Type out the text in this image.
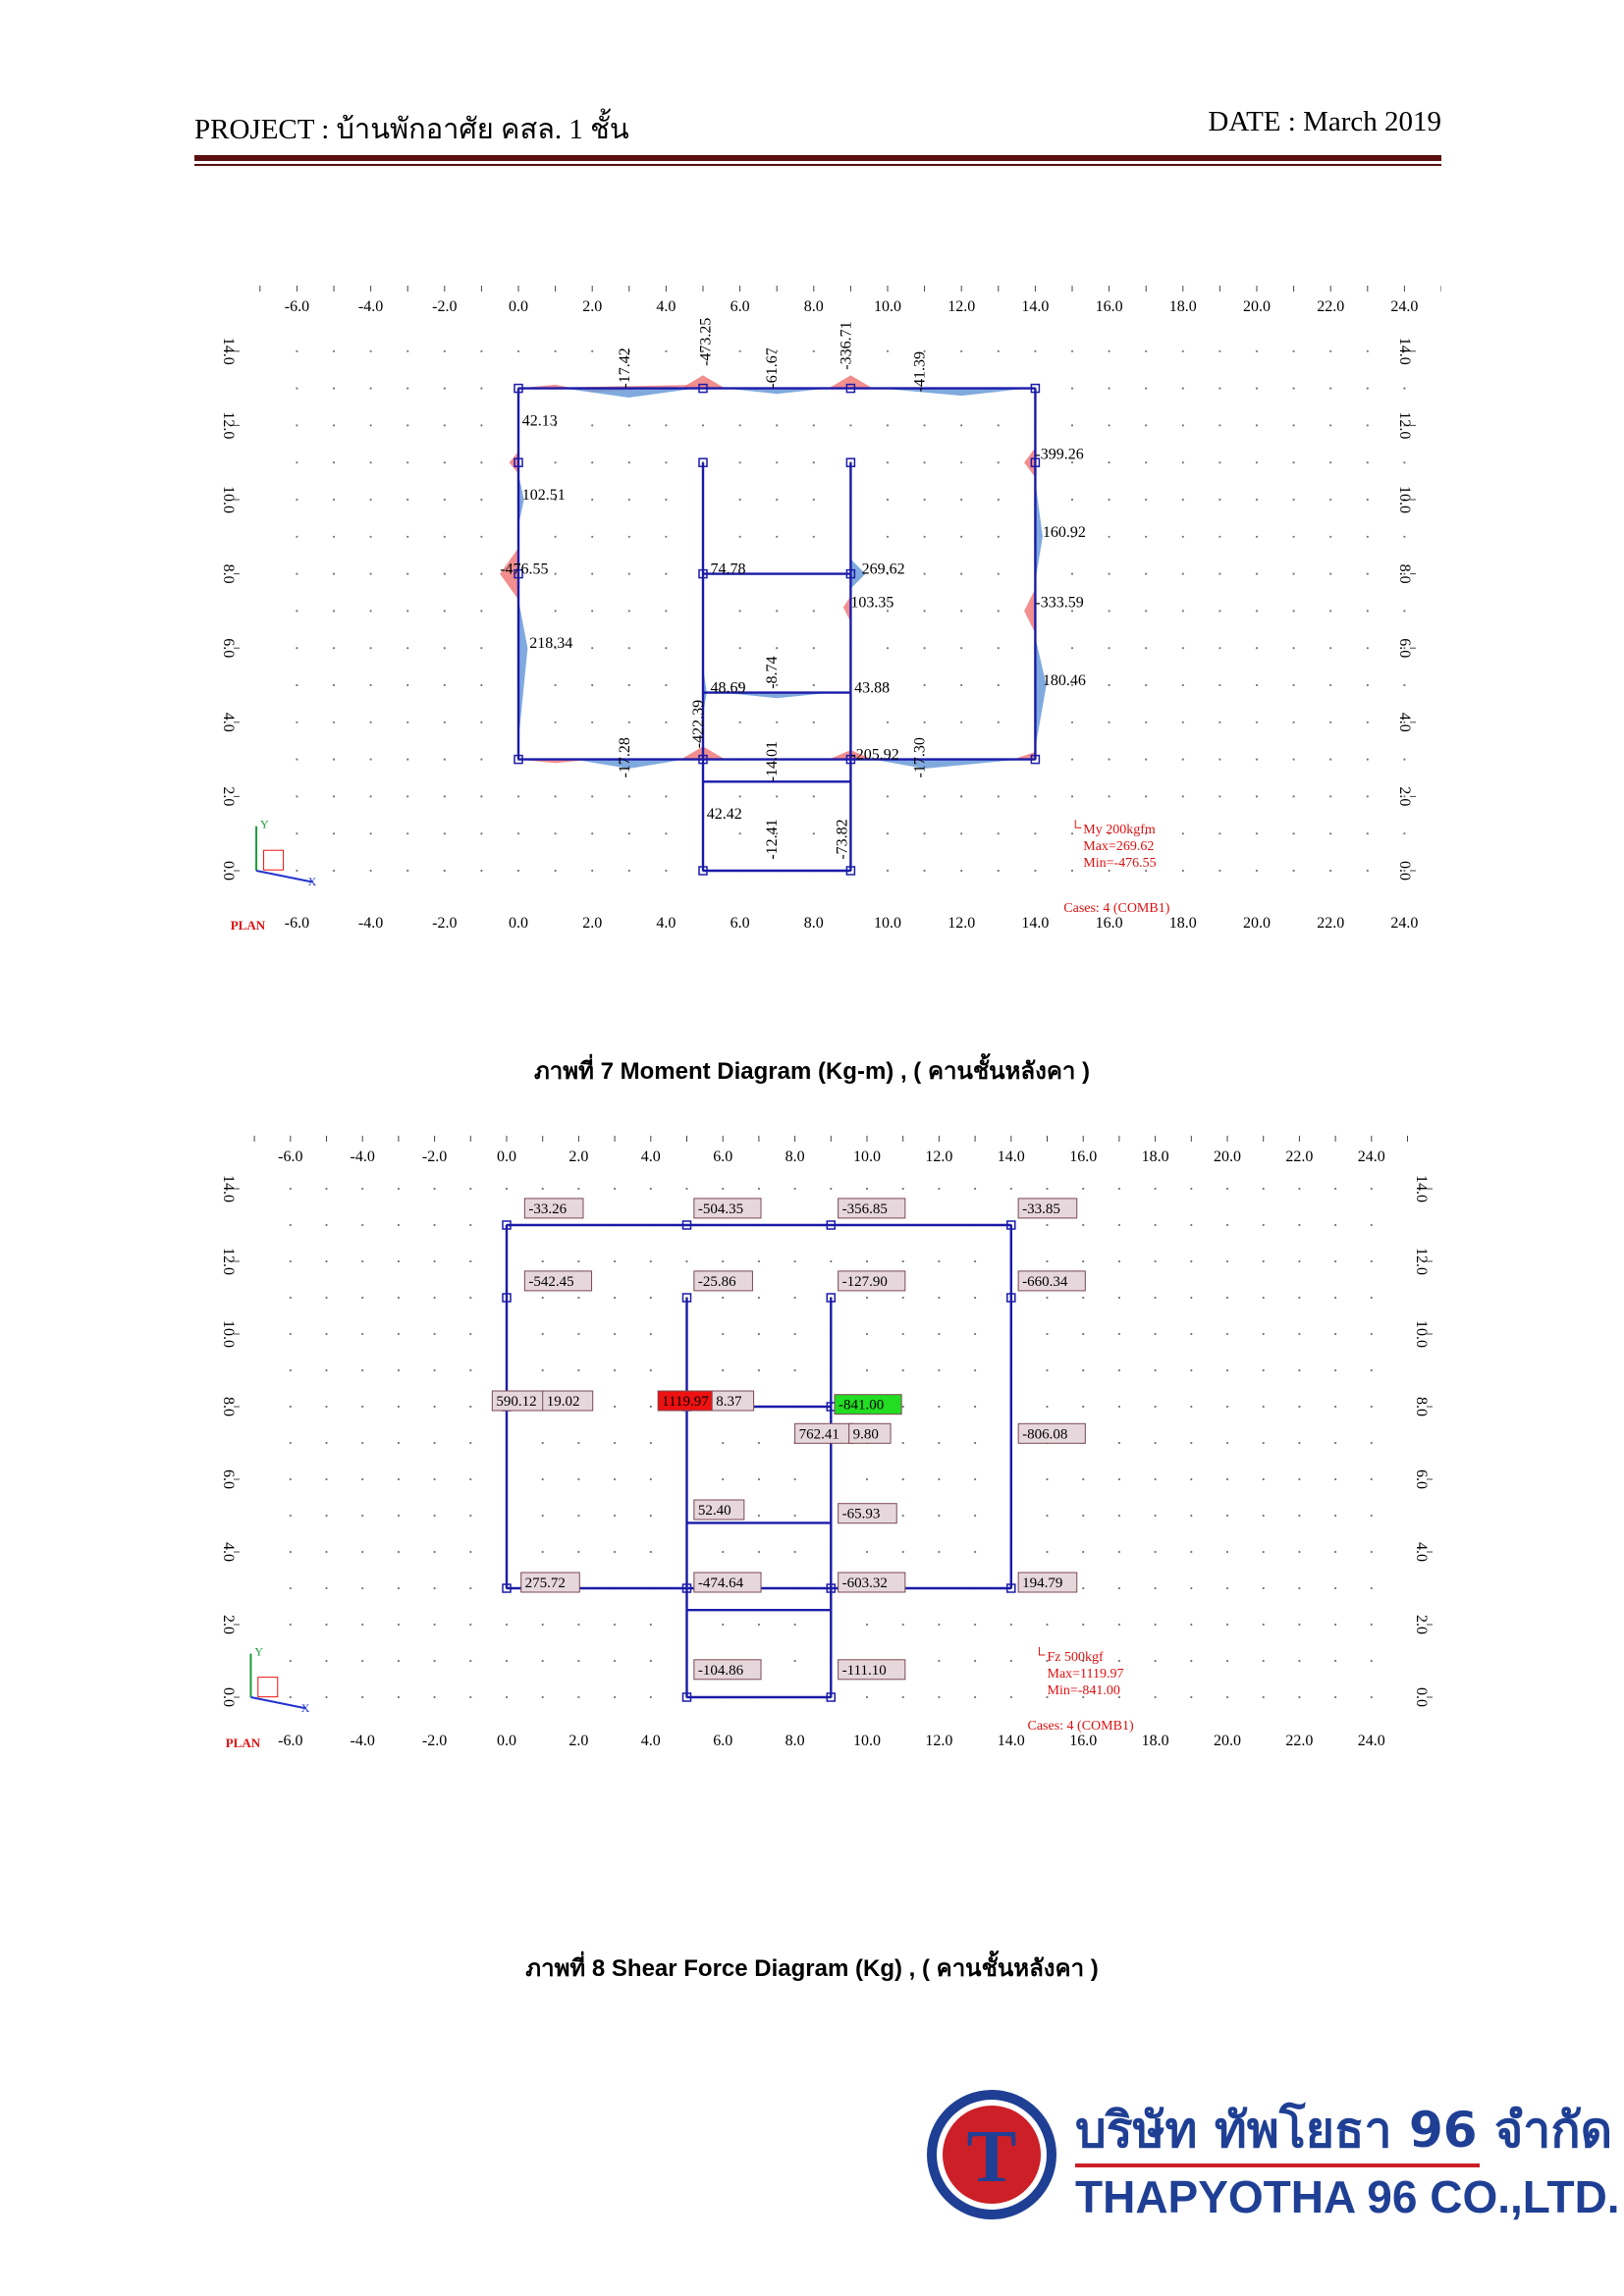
PROJECT : บ้านพักอาศัย คสล. 1 ชั้น	DATE : March 2019
-6.0
-6.0
-4.0
-4.0
-2.0
-2.0
0.0
0.0
2.0
2.0
4.0
4.0
6.0
6.0
8.0
8.0
10.0
10.0
12.0
12.0
14.0
14.0
16.0
16.0
18.0
18.0
20.0
20.0
22.0
22.0
24.0
24.0
0.0	0.0
2.0	2.0
4.0	4.0
6.0	6.0
8.0	8.0
10.0	10.0
12.0	12.0
14.0	14.0
-17.42
-473.25
-61.67	-336.71
-41.39
42.13
-399.26
102.51
160.92
-476.55	74.78	269.62
103.35	-333.59
218.34
48.69 -8.74	43.88	180.46
-422.39
-17.28	-14.01	-205.92 -17.30
42.42
-12.41	-73.82
X
Y
PLAN
My 200kgfm
Max=269.62
Min=-476.55
Cases: 4 (COMB1)
ภาพที่ 7 Moment Diagram (Kg-m) , ( คานชั้นหลังคา )
-6.0
-6.0
-4.0
-4.0
-2.0
-2.0
0.0
0.0
2.0
2.0
4.0
4.0
6.0
6.0
8.0
8.0
10.0
10.0
12.0
12.0
14.0
14.0
16.0
16.0
18.0
18.0
20.0
20.0
22.0
22.0
24.0
24.0
0.0	0.0
2.0	2.0
4.0	4.0
6.0	6.0
8.0	8.0
10.0	10.0
12.0	12.0
14.0	14.0
-33.26	-504.35	-356.85	-33.85
-542.45	-25.86	-127.90	-660.34
590.12 19.02	1119.97 8.37	-841.00
762.41 9.80	-806.08
52.40	-65.93
275.72	-474.64	-603.32	194.79
-104.86	-111.10
X
Y
PLAN
Fz 500kgf
Max=1119.97
Min=-841.00
Cases: 4 (COMB1)
ภาพที่ 8 Shear Force Diagram (Kg) , ( คานชั้นหลังคา )
T บริษัท ทัพโยธา 96 จำกัด
THAPYOTHA 96 CO.,LTD.
